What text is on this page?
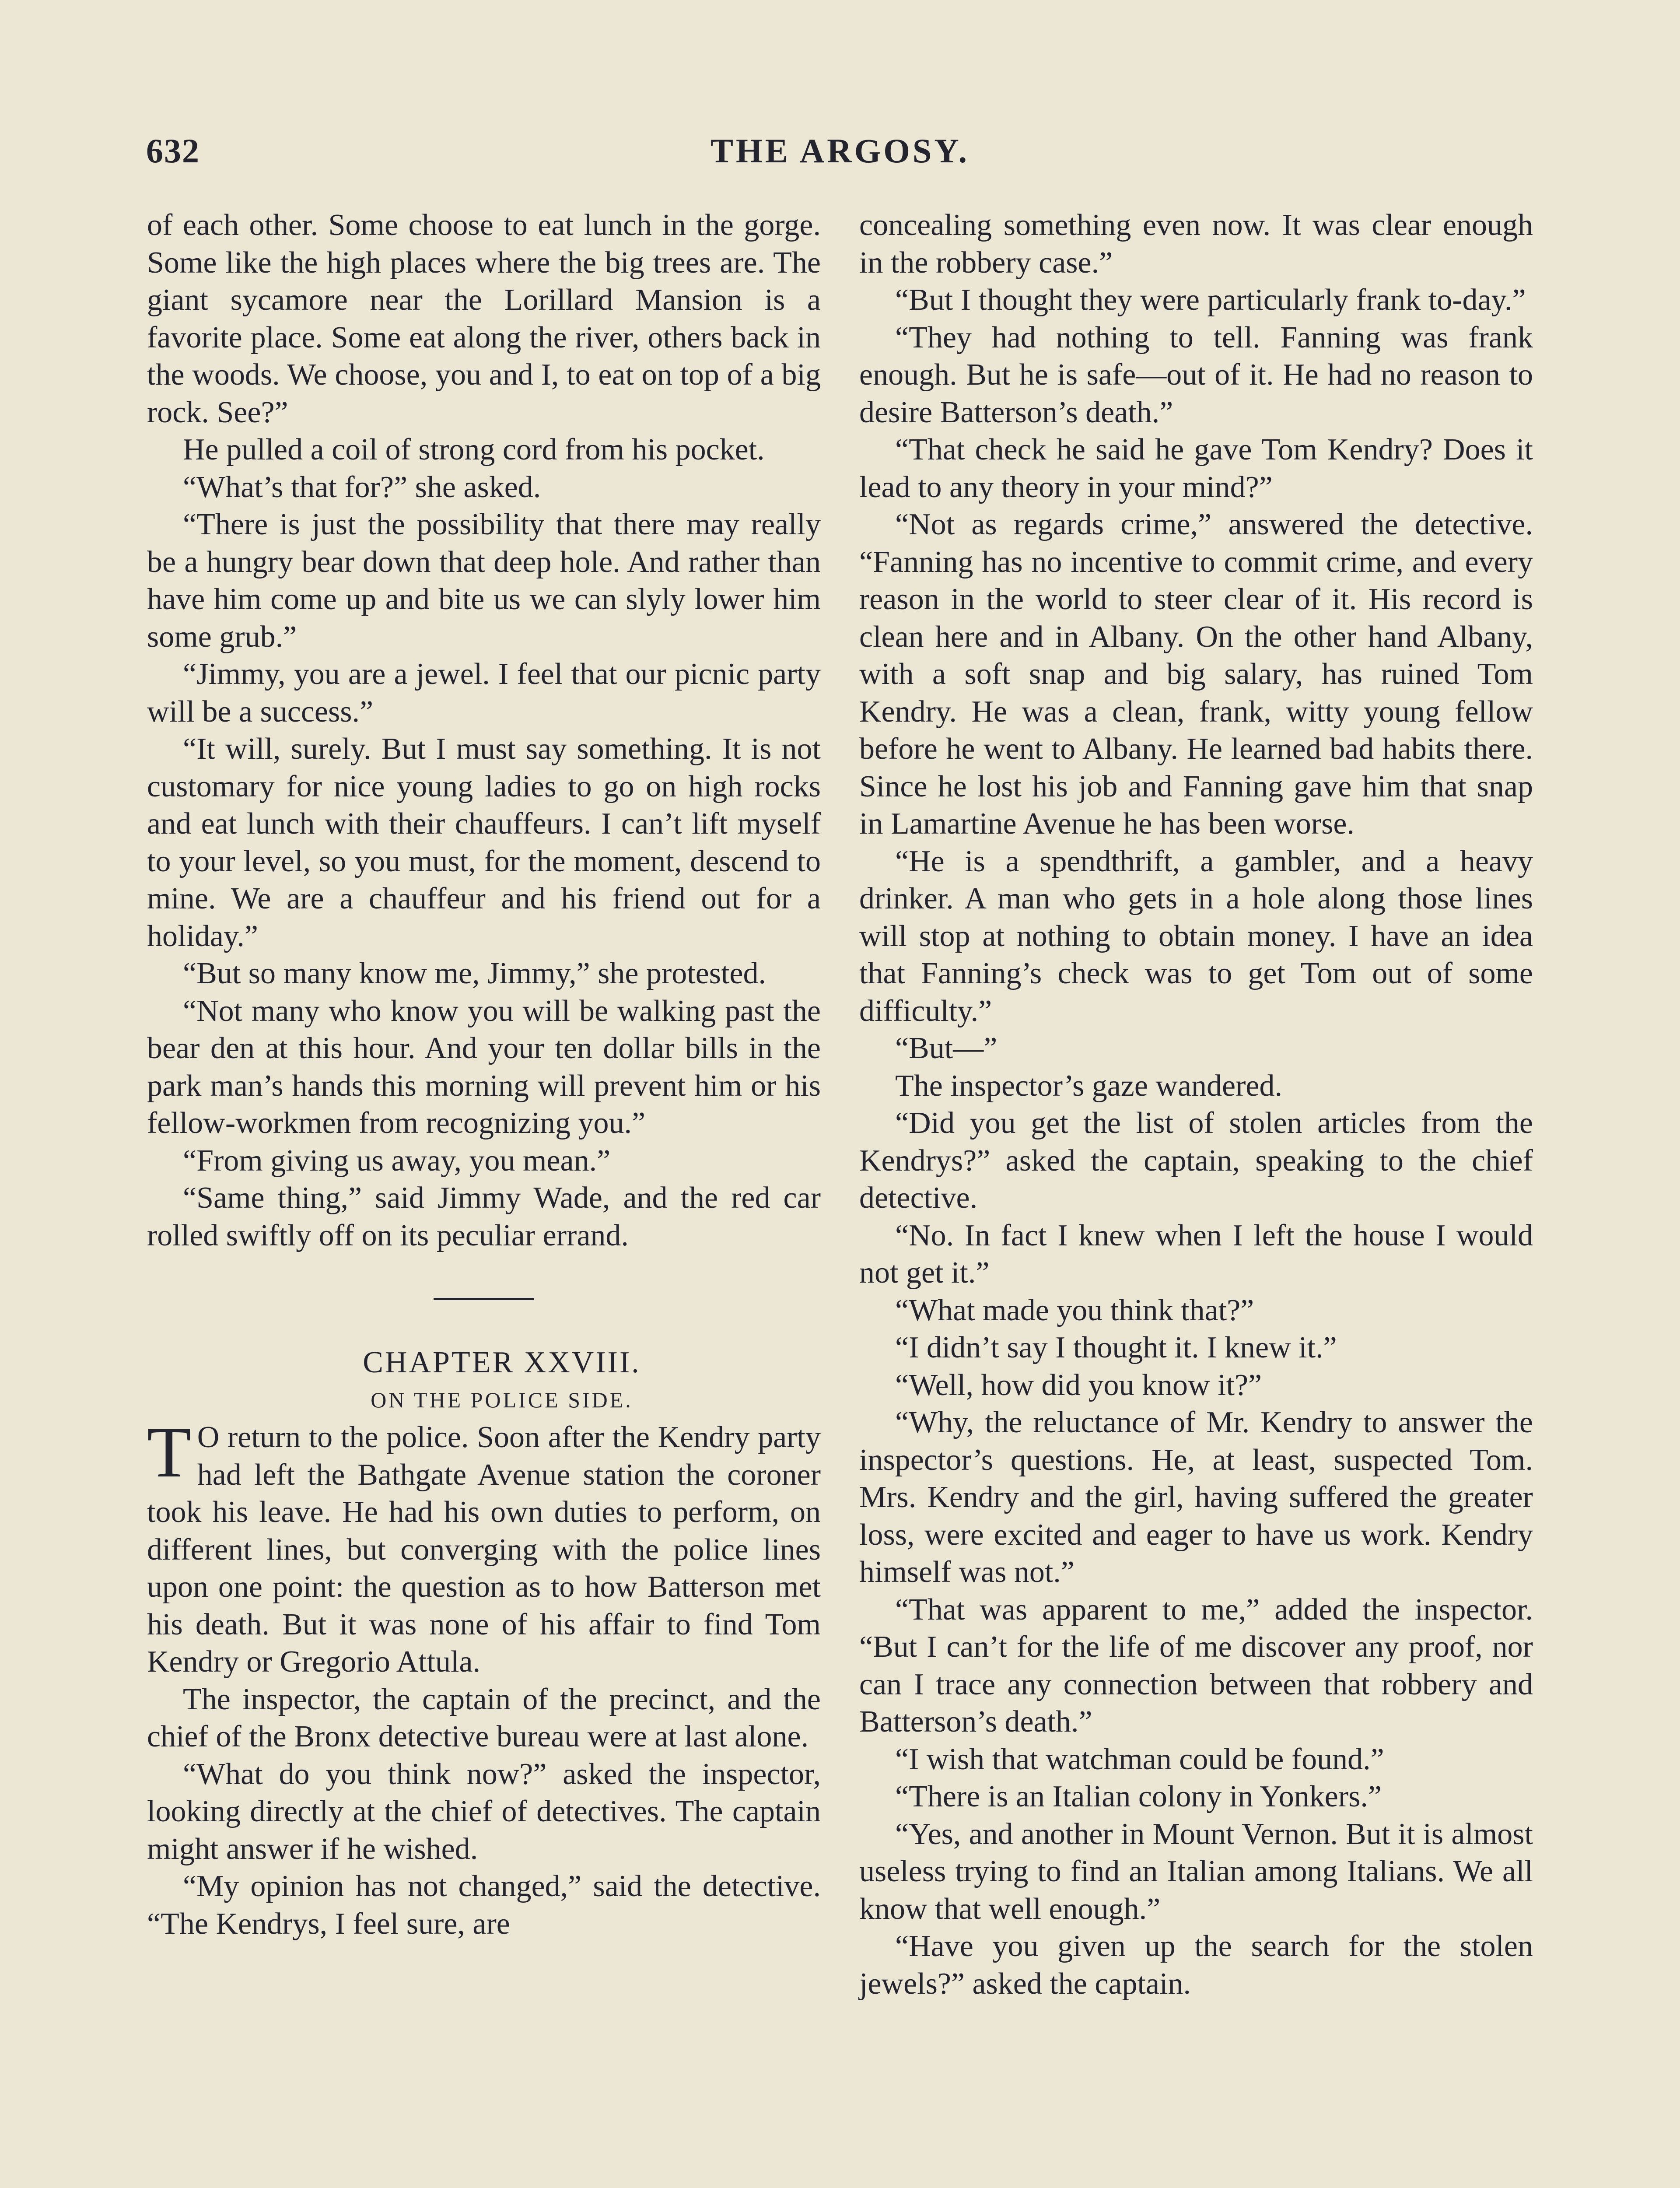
632	THE ARGOSY.

of each other. Some choose to eat lunch in the gorge. Some like the high places where the big trees are. The giant sycamore near the Lorillard Mansion is a favorite place. Some eat along the river, others back in the woods. We choose, you and I, to eat on top of a big rock. See?”

He pulled a coil of strong cord from his pocket.

“What’s that for?” she asked.

“There is just the possibility that there may really be a hungry bear down that deep hole. And rather than have him come up and bite us we can slyly lower him some grub.”

“Jimmy, you are a jewel. I feel that our picnic party will be a success.”

“It will, surely. But I must say something. It is not customary for nice young ladies to go on high rocks and eat lunch with their chauffeurs. I can’t lift myself to your level, so you must, for the moment, descend to mine. We are a chauffeur and his friend out for a holiday.”

“But so many know me, Jimmy,” she protested.

“Not many who know you will be walking past the bear den at this hour. And your ten dollar bills in the park man’s hands this morning will prevent him or his fellow-workmen from recognizing you.”

“From giving us away, you mean.”

“Same thing,” said Jimmy Wade, and the red car rolled swiftly off on its peculiar errand.

CHAPTER XXVIII.

ON THE POLICE SIDE.

T O return to the police. Soon after the Kendry party had left the Bathgate Avenue station the coroner took his leave. He had his own duties to perform, on different lines, but converging with the police lines upon one point: the question as to how Batterson met his death. But it was none of his affair to find Tom Kendry or Gregorio Attula.

The inspector, the captain of the precinct, and the chief of the Bronx detective bureau were at last alone.

“What do you think now?” asked the inspector, looking directly at the chief of detectives. The captain might answer if he wished.

“My opinion has not changed,” said the detective. “The Kendrys, I feel sure, are

concealing something even now. It was clear enough in the robbery case.”

“But I thought they were particularly frank to-day.”

“They had nothing to tell. Fanning was frank enough. But he is safe—out of it. He had no reason to desire Batterson’s death.”

“That check he said he gave Tom Kendry? Does it lead to any theory in your mind?”

“Not as regards crime,” answered the detective. “Fanning has no incentive to commit crime, and every reason in the world to steer clear of it. His record is clean here and in Albany. On the other hand Albany, with a soft snap and big salary, has ruined Tom Kendry. He was a clean, frank, witty young fellow before he went to Albany. He learned bad habits there. Since he lost his job and Fanning gave him that snap in Lamartine Avenue he has been worse.

“He is a spendthrift, a gambler, and a heavy drinker. A man who gets in a hole along those lines will stop at nothing to obtain money. I have an idea that Fanning’s check was to get Tom out of some difficulty.”

“But—”

The inspector’s gaze wandered.

“Did you get the list of stolen articles from the Kendrys?” asked the captain, speaking to the chief detective.

“No. In fact I knew when I left the house I would not get it.”

“What made you think that?”

“I didn’t say I thought it. I knew it.”

“Well, how did you know it?”

“Why, the reluctance of Mr. Kendry to answer the inspector’s questions. He, at least, suspected Tom. Mrs. Kendry and the girl, having suffered the greater loss, were excited and eager to have us work. Kendry himself was not.”

“That was apparent to me,” added the inspector. “But I can’t for the life of me discover any proof, nor can I trace any connection between that robbery and Batterson’s death.”

“I wish that watchman could be found.”

“There is an Italian colony in Yonkers.”

“Yes, and another in Mount Vernon. But it is almost useless trying to find an Italian among Italians. We all know that well enough.”

“Have you given up the search for the stolen jewels?” asked the captain.
